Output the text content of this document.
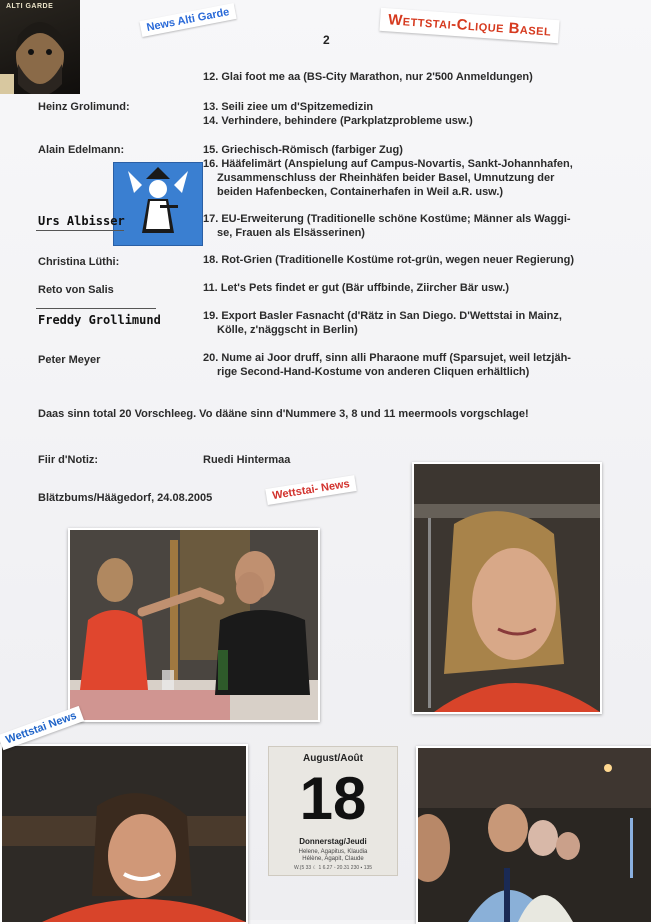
ALTI GARDE	News Alti Garde	Wettstai-Clique Basel
2
12. Glai foot me aa (BS-City Marathon, nur 2'500 Anmeldungen)
Heinz Grolimund:	13. Seili ziee um d'Spitzemedizin
14. Verhindere, behindere (Parkplatzprobleme usw.)
Alain Edelmann:	15. Griechisch-Römisch (farbiger Zug)
16. Hääfelimärt (Anspielung auf Campus-Novartis, Sankt-Johannhafen,
Zusammenschluss der Rheinhäfen beider Basel, Umnutzung der
beiden Hafenbecken, Containerhafen in Weil a.R. usw.)
Urs Albisser	17. EU-Erweiterung (Traditionelle schöne Kostüme; Männer als Waggi-
se, Frauen als Elsässerinen)
Christina Lüthi:	18. Rot-Grien (Traditionelle Kostüme rot-grün, wegen neuer Regierung)
Reto von Salis	11. Let's Pets findet er gut (Bär uffbinde, Ziircher Bär usw.)
Freddy Grollimund	19. Export Basler Fasnacht (d'Rätz in San Diego. D'Wettstai in Mainz,
Kölle, z'näggscht in Berlin)
Peter Meyer	20. Nume ai Joor druff, sinn alli Pharaone muff (Sparsujet, weil letzjäh-
rige Second-Hand-Kostume von anderen Cliquen erhältlich)
Daas sinn total 20 Vorschleeg. Vo dääne sinn d'Nummere 3, 8 und 11 meermools vorgschlage!
Fiir d'Notiz:	Ruedi Hintermaa
Blätzbums/Häägedorf, 24.08.2005	Wettstai- News
Wettstai News
August/Août
18
Donnerstag/Jeudi
Helene, Agapitus, Klaudia
Hélène, Agapit, Claude
W.(5 33 ☾ 1 6.27 ◦ 20.31 230 ▪ 135
